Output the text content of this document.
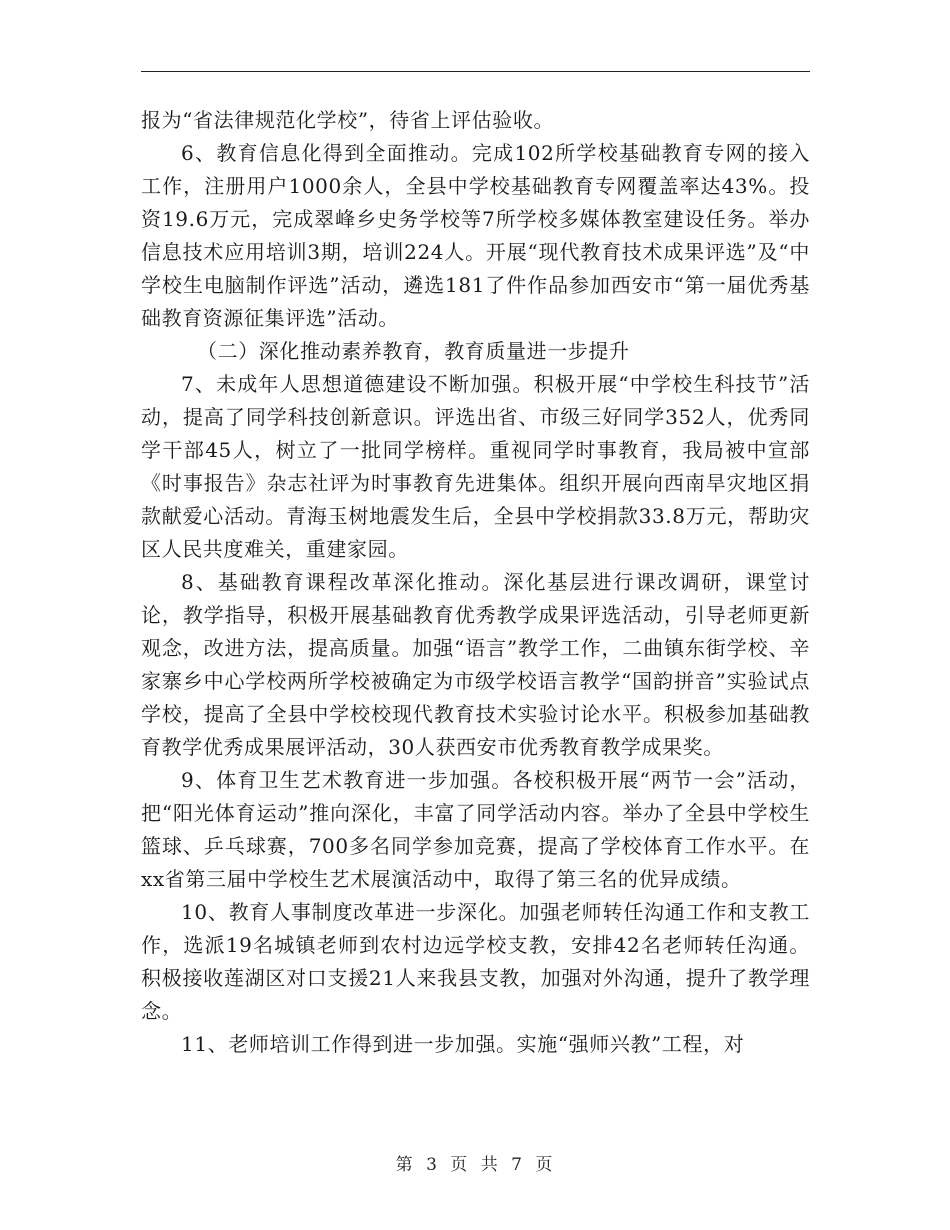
报为“省法律规范化学校”，待省上评估验收。

6、教育信息化得到全面推动。完成102所学校基础教育专网的接入工作，注册用户1000余人，全县中学校基础教育专网覆盖率达43%。投资19.6万元，完成翠峰乡史务学校等7所学校多媒体教室建设任务。举办信息技术应用培训3期，培训224人。开展“现代教育技术成果评选”及“中学校生电脑制作评选”活动，遴选181了件作品参加西安市“第一届优秀基础教育资源征集评选”活动。

（二）深化推动素养教育，教育质量进一步提升

7、未成年人思想道德建设不断加强。积极开展“中学校生科技节”活动，提高了同学科技创新意识。评选出省、市级三好同学352人，优秀同学干部45人，树立了一批同学榜样。重视同学时事教育，我局被中宣部《时事报告》杂志社评为时事教育先进集体。组织开展向西南旱灾地区捐款献爱心活动。青海玉树地震发生后，全县中学校捐款33.8万元，帮助灾区人民共度难关，重建家园。

8、基础教育课程改革深化推动。深化基层进行课改调研，课堂讨论，教学指导，积极开展基础教育优秀教学成果评选活动，引导老师更新观念，改进方法，提高质量。加强“语言”教学工作，二曲镇东街学校、辛家寨乡中心学校两所学校被确定为市级学校语言教学“国韵拼音”实验试点学校，提高了全县中学校校现代教育技术实验讨论水平。积极参加基础教育教学优秀成果展评活动，30人获西安市优秀教育教学成果奖。

9、体育卫生艺术教育进一步加强。各校积极开展“两节一会”活动，把“阳光体育运动”推向深化，丰富了同学活动内容。举办了全县中学校生篮球、乒乓球赛，700多名同学参加竞赛，提高了学校体育工作水平。在xx省第三届中学校生艺术展演活动中，取得了第三名的优异成绩。

10、教育人事制度改革进一步深化。加强老师转任沟通工作和支教工作，选派19名城镇老师到农村边远学校支教，安排42名老师转任沟通。积极接收莲湖区对口支援21人来我县支教，加强对外沟通，提升了教学理念。

11、老师培训工作得到进一步加强。实施“强师兴教”工程，对

第 3 页 共 7 页
